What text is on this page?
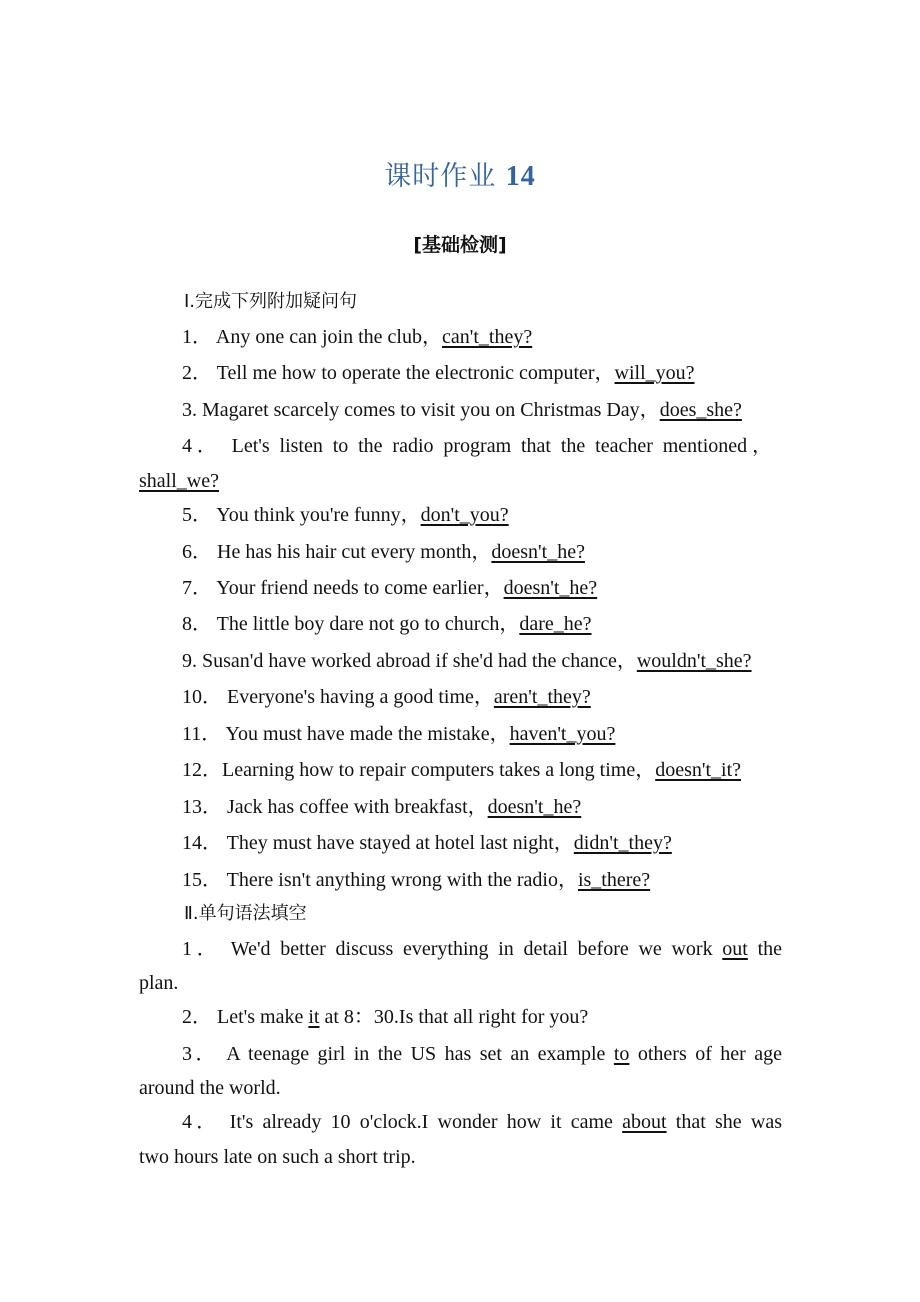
课时作业 14
[基础检测]
Ⅰ.完成下列附加疑问句
1． Any one can join the club，can't_they?
2． Tell me how to operate the electronic computer，will_you?
3. Magaret scarcely comes to visit you on Christmas Day，does_she?
4． Let's listen to the radio program that the teacher mentioned，
shall_we?
5． You think you're funny，don't_you?
6． He has his hair cut every month，doesn't_he?
7． Your friend needs to come earlier，doesn't_he?
8． The little boy dare not go to church，dare_he?
9. Susan'd have worked abroad if she'd had the chance，wouldn't_she?
10． Everyone's having a good time，aren't_they?
11． You must have made the mistake，haven't_you?
12．Learning how to repair computers takes a long time，doesn't_it?
13． Jack has coffee with breakfast，doesn't_he?
14． They must have stayed at hotel last night，didn't_they?
15． There isn't anything wrong with the radio，is_there?
Ⅱ.单句语法填空
1． We'd better discuss everything in detail before we work out the
plan.
2． Let's make it at 8：30.Is that all right for you?
3． A teenage girl in the US has set an example to others of her age
around the world.
4． It's already 10 o'clock.I wonder how it came about that she was
two hours late on such a short trip.
